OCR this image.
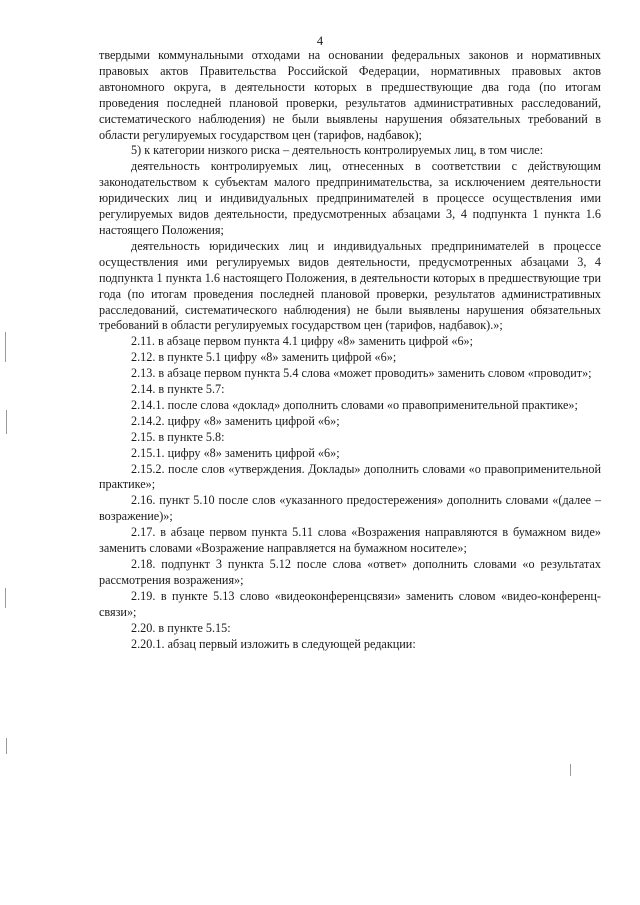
4

твердыми коммунальными отходами на основании федеральных законов и нормативных правовых актов Правительства Российской Федерации, нормативных правовых актов автономного округа, в деятельности которых в предшествующие два года (по итогам проведения последней плановой проверки, результатов административных расследований, систематического наблюдения) не были выявлены нарушения обязательных требований в области регулируемых государством цен (тарифов, надбавок);

5) к категории низкого риска – деятельность контролируемых лиц, в том числе:

деятельность контролируемых лиц, отнесенных в соответствии с действующим законодательством к субъектам малого предпринимательства, за исключением деятельности юридических лиц и индивидуальных предпринимателей в процессе осуществления ими регулируемых видов деятельности, предусмотренных абзацами 3, 4 подпункта 1 пункта 1.6 настоящего Положения;

деятельность юридических лиц и индивидуальных предпринимателей в процессе осуществления ими регулируемых видов деятельности, предусмотренных абзацами 3, 4 подпункта 1 пункта 1.6 настоящего Положения, в деятельности которых в предшествующие три года (по итогам проведения последней плановой проверки, результатов административных расследований, систематического наблюдения) не были выявлены нарушения обязательных требований в области регулируемых государством цен (тарифов, надбавок).»;

2.11. в абзаце первом пункта 4.1 цифру «8» заменить цифрой «6»;

2.12. в пункте 5.1 цифру «8» заменить цифрой «6»;

2.13. в абзаце первом пункта 5.4 слова «может проводить» заменить словом «проводит»;

2.14. в пункте 5.7:

2.14.1. после слова «доклад» дополнить словами «о правоприменительной практике»;

2.14.2. цифру «8» заменить цифрой «6»;

2.15. в пункте 5.8:

2.15.1. цифру «8» заменить цифрой «6»;

2.15.2. после слов «утверждения. Доклады» дополнить словами «о правоприменительной практике»;

2.16. пункт 5.10 после слов «указанного предостережения» дополнить словами «(далее – возражение)»;

2.17. в абзаце первом пункта 5.11 слова «Возражения направляются в бумажном виде» заменить словами «Возражение направляется на бумажном носителе»;

2.18. подпункт 3 пункта 5.12 после слова «ответ» дополнить словами «о результатах рассмотрения возражения»;

2.19. в пункте 5.13 слово «видеоконференцсвязи» заменить словом «видео-конференц-связи»;

2.20. в пункте 5.15:

2.20.1. абзац первый изложить в следующей редакции:
